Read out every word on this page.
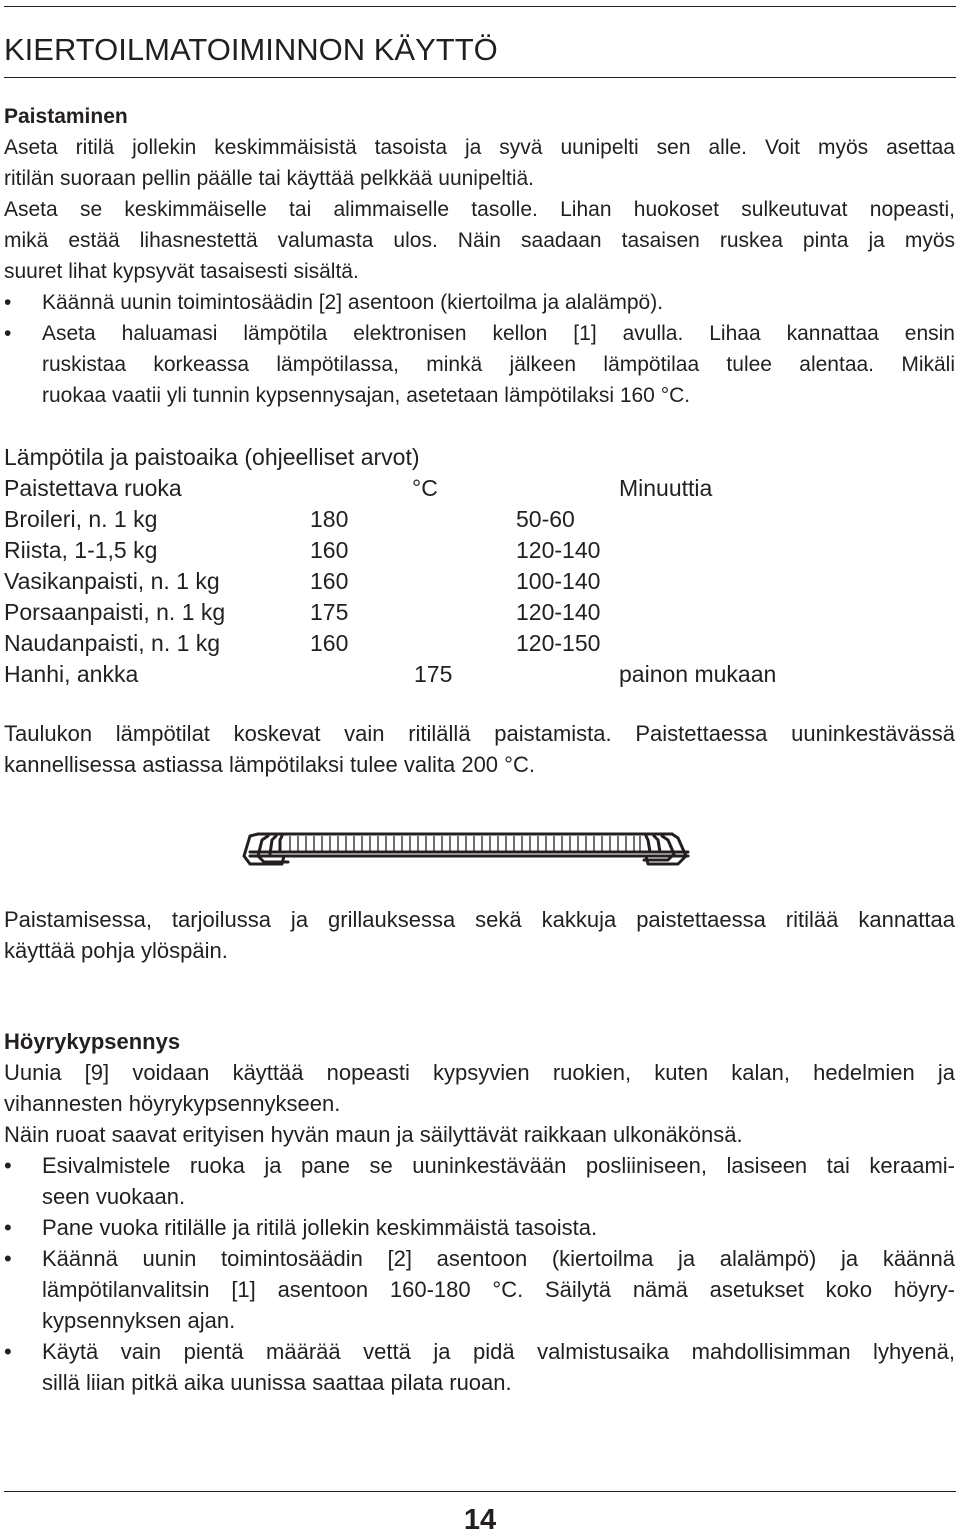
KIERTOILMATOIMINNON KÄYTTÖ
Paistaminen
Aseta ritilä jollekin keskimmäisistä tasoista ja syvä uunipelti sen alle. Voit myös asettaa
ritilän suoraan pellin päälle tai käyttää pelkkää uunipeltiä.
Aseta se keskimmäiselle tai alimmaiselle tasolle. Lihan huokoset sulkeutuvat nopeasti,
mikä estää lihasnestettä valumasta ulos. Näin saadaan tasaisen ruskea pinta ja myös
suuret lihat kypsyvät tasaisesti sisältä.
• Käännä uunin toimintosäädin [2] asentoon (kiertoilma ja alalämpö).
• Aseta haluamasi lämpötila elektronisen kellon [1] avulla. Lihaa kannattaa ensin
ruskistaa korkeassa lämpötilassa, minkä jälkeen lämpötilaa tulee alentaa. Mikäli
ruokaa vaatii yli tunnin kypsennysajan, asetetaan lämpötilaksi 160 °C.
Lämpötila ja paistoaika (ohjeelliset arvot)
Paistettava ruoka	°C	Minuuttia
Broileri, n. 1 kg	180	50-60
Riista, 1-1,5 kg	160	120-140
Vasikanpaisti, n. 1 kg	160	100-140
Porsaanpaisti, n. 1 kg	175	120-140
Naudanpaisti, n. 1 kg	160	120-150
Hanhi, ankka	175	painon mukaan
Taulukon lämpötilat koskevat vain ritilällä paistamista. Paistettaessa uuninkestävässä
kannellisessa astiassa lämpötilaksi tulee valita 200 °C.
Paistamisessa, tarjoilussa ja grillauksessa sekä kakkuja paistettaessa ritilää kannattaa
käyttää pohja ylöspäin.
Höyrykypsennys
Uunia [9] voidaan käyttää nopeasti kypsyvien ruokien, kuten kalan, hedelmien ja
vihannesten höyrykypsennykseen.
Näin ruoat saavat erityisen hyvän maun ja säilyttävät raikkaan ulkonäkönsä.
• Esivalmistele ruoka ja pane se uuninkestävään posliiniseen, lasiseen tai keraami-
seen vuokaan.
• Pane vuoka ritilälle ja ritilä jollekin keskimmäistä tasoista.
• Käännä uunin toimintosäädin [2] asentoon (kiertoilma ja alalämpö) ja käännä
lämpötilanvalitsin [1] asentoon 160-180 °C. Säilytä nämä asetukset koko höyry-
kypsennyksen ajan.
• Käytä vain pientä määrää vettä ja pidä valmistusaika mahdollisimman lyhyenä,
sillä liian pitkä aika uunissa saattaa pilata ruoan.
14
